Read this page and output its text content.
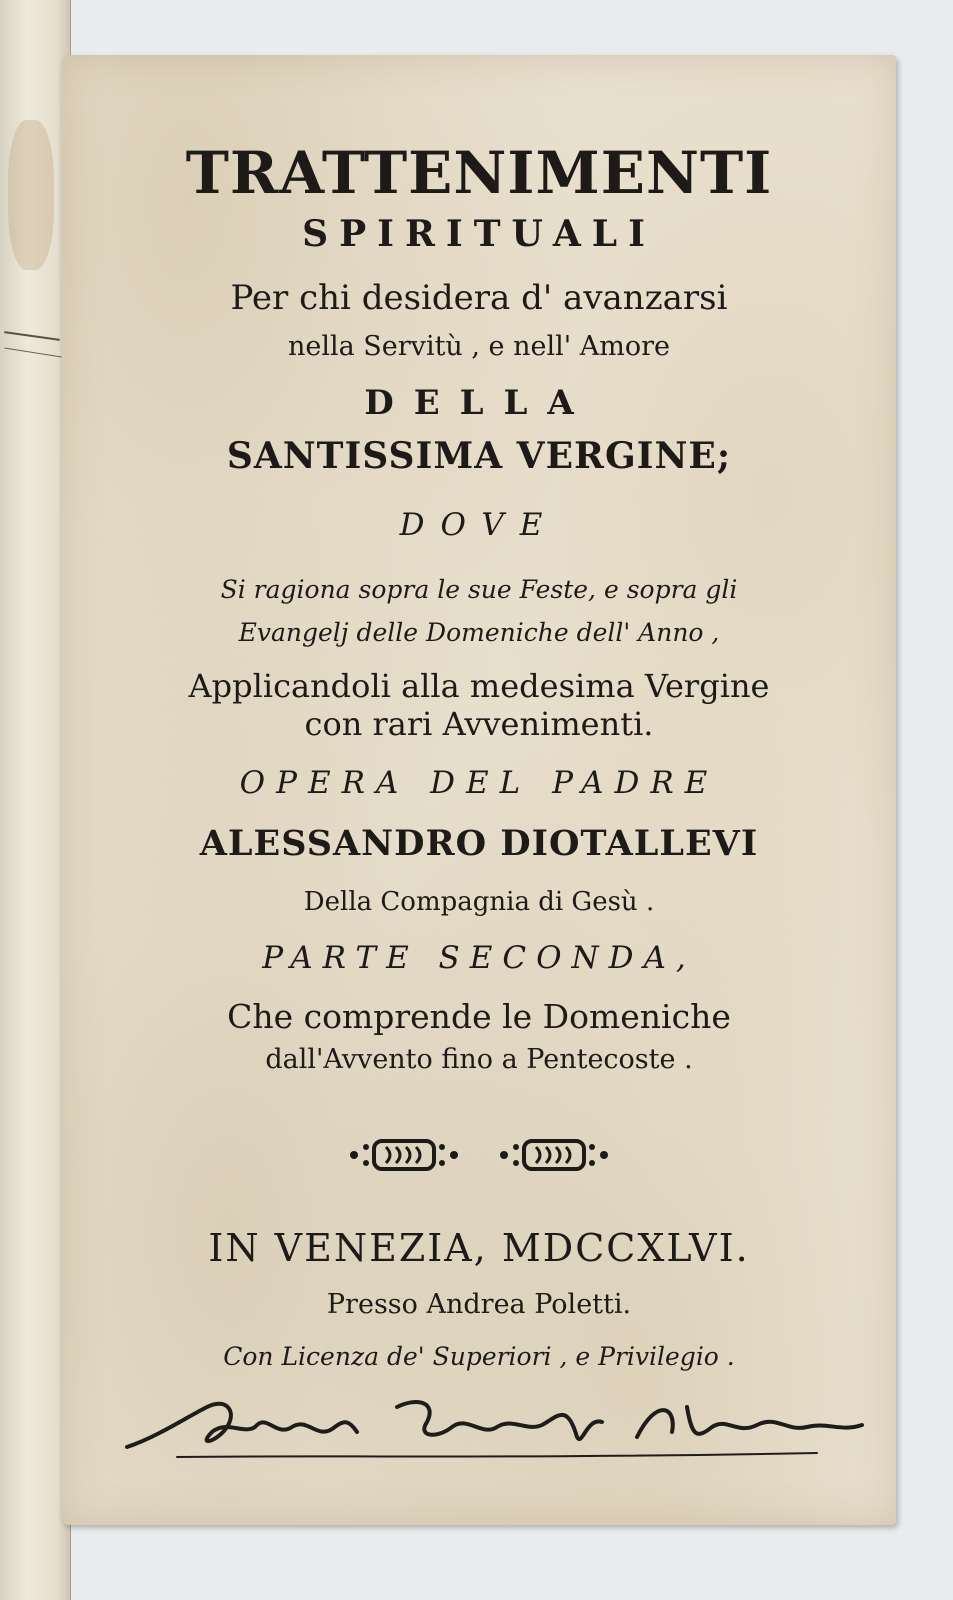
TRATTENIMENTI

SPIRITUALI

Per chi desidera d' avanzarsi

nella Servitù , e nell' Amore

DELLA

SANTISSIMA VERGINE;

DOVE

Si ragiona sopra le sue Feste, e sopra gli

Evangelj delle Domeniche dell' Anno ,

Applicandoli alla medesima Vergine

con rari Avvenimenti.

OPERA DEL PADRE

ALESSANDRO DIOTALLEVI

Della Compagnia di Gesù .

PARTE SECONDA,

Che comprende le Domeniche

dall'Avvento fino a Pentecoste .

IN VENEZIA, MDCCXLVI.

Presso Andrea Poletti.

Con Licenza de' Superiori , e Privilegio .
